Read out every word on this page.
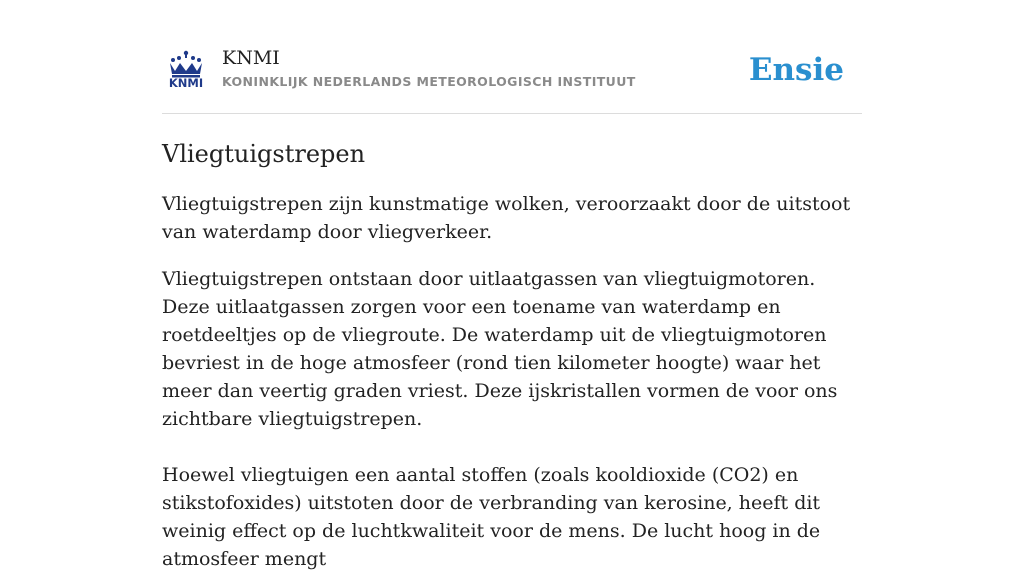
KNMI
KNMI
KONINKLIJK NEDERLANDS METEOROLOGISCH INSTITUUT	Ensie
Vliegtuigstrepen

Vliegtuigstrepen zijn kunstmatige wolken, veroorzaakt door de uitstoot van waterdamp door vliegverkeer.

Vliegtuigstrepen ontstaan door uitlaatgassen van vliegtuigmotoren. Deze uitlaatgassen zorgen voor een toename van waterdamp en roetdeeltjes op de vliegroute. De waterdamp uit de vliegtuigmotoren bevriest in de hoge atmosfeer (rond tien kilometer hoogte) waar het meer dan veertig graden vriest. Deze ijskristallen vormen de voor ons zichtbare vliegtuigstrepen.

Hoewel vliegtuigen een aantal stoffen (zoals kooldioxide (CO2) en stikstofoxides) uitstoten door de verbranding van kerosine, heeft dit weinig effect op de luchtkwaliteit voor de mens. De lucht hoog in de atmosfeer mengt
